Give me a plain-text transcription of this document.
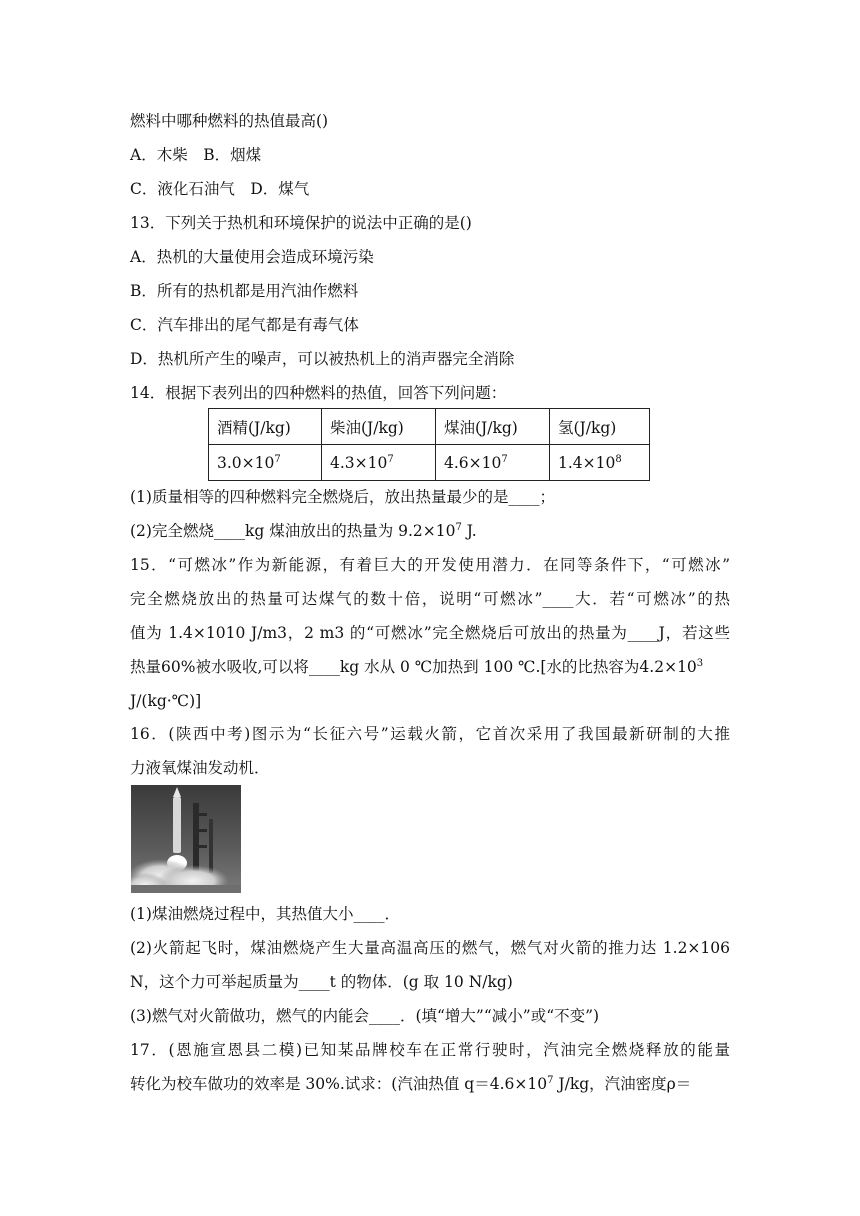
燃料中哪种燃料的热值最高()
A．木柴　B．烟煤
C．液化石油气　D．煤气
13．下列关于热机和环境保护的说法中正确的是()
A．热机的大量使用会造成环境污染
B．所有的热机都是用汽油作燃料
C．汽车排出的尾气都是有毒气体
D．热机所产生的噪声，可以被热机上的消声器完全消除
14．根据下表列出的四种燃料的热值，回答下列问题：
酒精(J/kg)	柴油(J/kg)	煤油(J/kg)	氢(J/kg)
$3.0\times 10^7$	$4.3\times 10^7$	$4.6\times 10^7$	$1.4\times 10^8$
(1)质量相等的四种燃料完全燃烧后，放出热量最少的是____；
(2)完全燃烧____kg 煤油放出的热量为 $9.2\times 10^7$ J.
15．“可燃冰”作为新能源，有着巨大的开发使用潜力．在同等条件下，“可燃冰”
完全燃烧放出的热量可达煤气的数十倍，说明“可燃冰”____大．若“可燃冰”的热
值为 1.4×1010 J/m3，2 m3 的“可燃冰”完全燃烧后可放出的热量为____J，若这些
热量60%被水吸收,可以将____kg 水从 0 ℃加热到 100 ℃.[水的比热容为$4.2\times 10^3$
J/(kg·℃)]
16．(陕西中考)图示为“长征六号”运载火箭，它首次采用了我国最新研制的大推
力液氧煤油发动机．
(1)煤油燃烧过程中，其热值大小____．
(2)火箭起飞时，煤油燃烧产生大量高温高压的燃气，燃气对火箭的推力达 1.2×106
N，这个力可举起质量为____t 的物体．(g 取 10 N/kg)
(3)燃气对火箭做功，燃气的内能会____．(填“增大”“减小”或“不变”)
17．(恩施宣恩县二模)已知某品牌校车在正常行驶时，汽油完全燃烧释放的能量
转化为校车做功的效率是 30%.试求：(汽油热值 $q=4.6\times 10^7$ J/kg，汽油密度ρ＝
